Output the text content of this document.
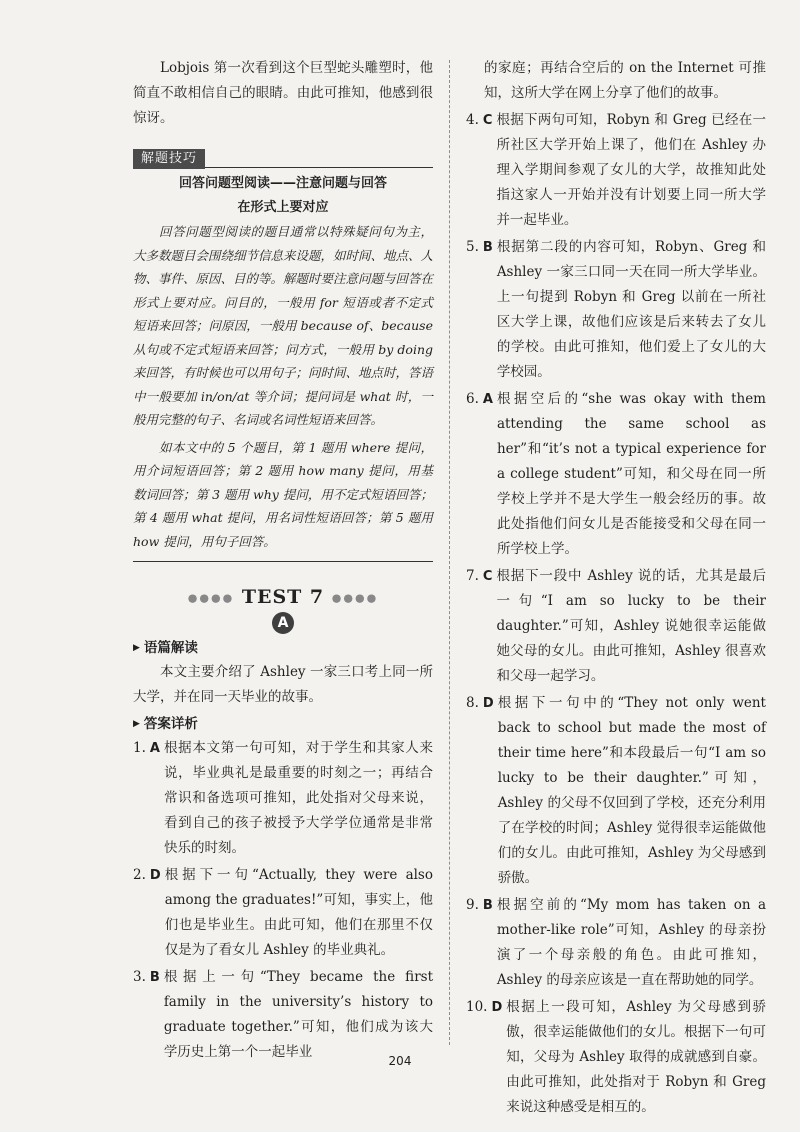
Lobjois 第一次看到这个巨型蛇头雕塑时，他简直不敢相信自己的眼睛。由此可推知，他感到很惊讶。

解题技巧
回答问题型阅读——注意问题与回答
在形式上要对应

回答问题型阅读的题目通常以特殊疑问句为主，大多数题目会围绕细节信息来设题，如时间、地点、人物、事件、原因、目的等。解题时要注意问题与回答在形式上要对应。问目的，一般用 for 短语或者不定式短语来回答；问原因，一般用 because of、because 从句或不定式短语来回答；问方式，一般用 by doing 来回答，有时候也可以用句子；问时间、地点时，答语中一般要加 in/on/at 等介词；提问词是 what 时，一般用完整的句子、名词或名词性短语来回答。

如本文中的 5 个题目，第 1 题用 where 提问，用介词短语回答；第 2 题用 how many 提问，用基数词回答；第 3 题用 why 提问，用不定式短语回答；第 4 题用 what 提问，用名词性短语回答；第 5 题用 how 提问，用句子回答。

●●●● TEST 7 ●●●●
A
▶ 语篇解读

本文主要介绍了 Ashley 一家三口考上同一所大学，并在同一天毕业的故事。

▶ 答案详析
1. A 根据本文第一句可知，对于学生和其家人来说，毕业典礼是最重要的时刻之一；再结合常识和备选项可推知，此处指对父母来说，看到自己的孩子被授予大学学位通常是非常快乐的时刻。
2. D 根据下一句“Actually, they were also among the graduates!”可知，事实上，他们也是毕业生。由此可知，他们在那里不仅仅是为了看女儿 Ashley 的毕业典礼。
3. B 根据上一句“They became the first family in the university’s history to graduate together.”可知，他们成为该大学历史上第一个一起毕业

的家庭；再结合空后的 on the Internet 可推知，这所大学在网上分享了他们的故事。

4. C 根据下两句可知，Robyn 和 Greg 已经在一所社区大学开始上课了，他们在 Ashley 办理入学期间参观了女儿的大学，故推知此处指这家人一开始并没有计划要上同一所大学并一起毕业。
5. B 根据第二段的内容可知，Robyn、Greg 和 Ashley 一家三口同一天在同一所大学毕业。上一句提到 Robyn 和 Greg 以前在一所社区大学上课，故他们应该是后来转去了女儿的学校。由此可推知，他们爱上了女儿的大学校园。
6. A 根据空后的“she was okay with them attending the same school as her”和“it’s not a typical experience for a college student”可知，和父母在同一所学校上学并不是大学生一般会经历的事。故此处指他们问女儿是否能接受和父母在同一所学校上学。
7. C 根据下一段中 Ashley 说的话，尤其是最后一句“I am so lucky to be their daughter.”可知，Ashley 说她很幸运能做她父母的女儿。由此可推知，Ashley 很喜欢和父母一起学习。
8. D 根据下一句中的“They not only went back to school but made the most of their time here”和本段最后一句“I am so lucky to be their daughter.”可知，Ashley 的父母不仅回到了学校，还充分利用了在学校的时间；Ashley 觉得很幸运能做他们的女儿。由此可推知，Ashley 为父母感到骄傲。
9. B 根据空前的“My mom has taken on a mother-like role”可知，Ashley 的母亲扮演了一个母亲般的角色。由此可推知，Ashley 的母亲应该是一直在帮助她的同学。
10. D 根据上一段可知，Ashley 为父母感到骄傲，很幸运能做他们的女儿。根据下一句可知，父母为 Ashley 取得的成就感到自豪。由此可推知，此处指对于 Robyn 和 Greg 来说这种感受是相互的。
204
